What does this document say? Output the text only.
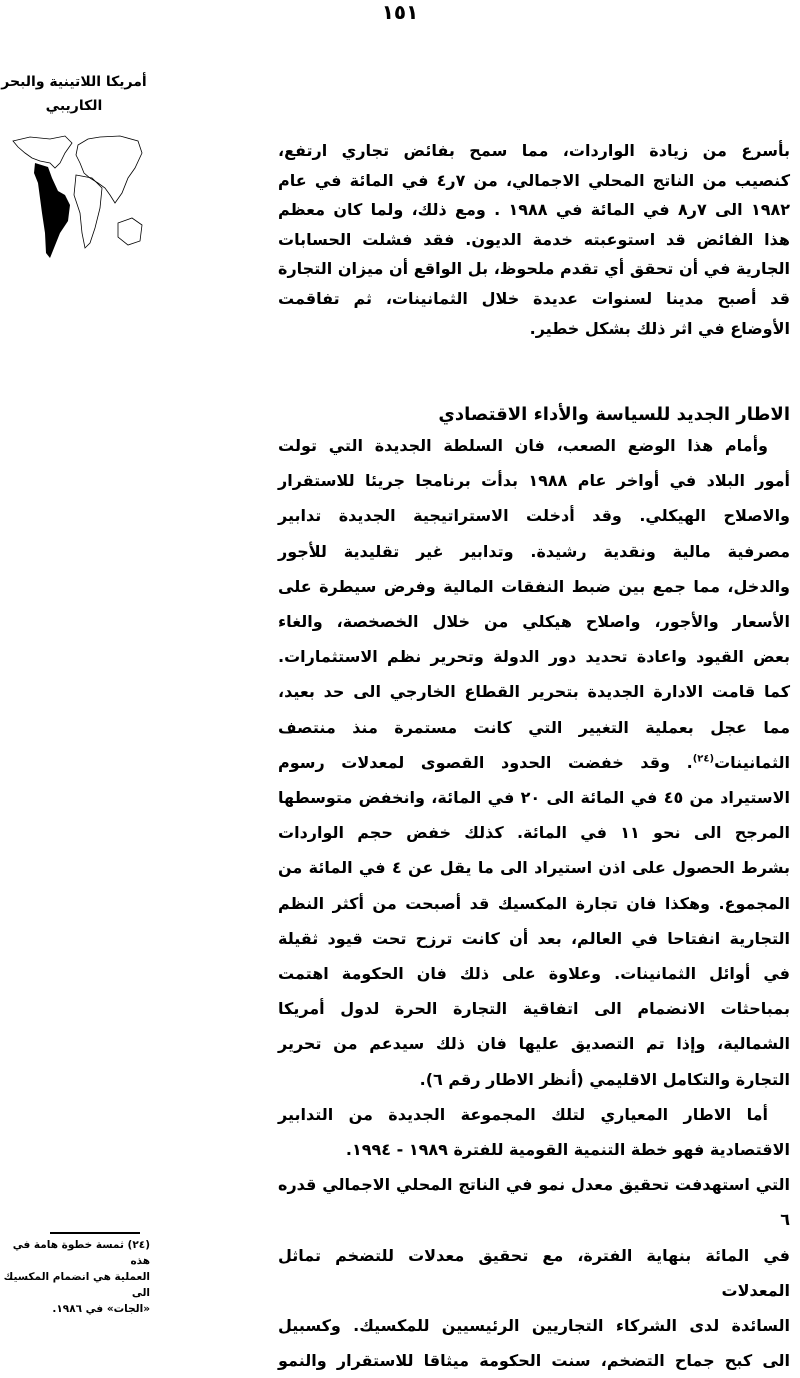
١٥١
أمريكا اللاتينية والبحر
الكاريبي
بأسرع من زيادة الواردات، مما سمح بفائض تجاري ارتفع،
كنصيب من الناتج المحلي الاجمالي، من ٧ر٤ في المائة في عام
١٩٨٢ الى ٧ر٨ في المائة في ١٩٨٨ . ومع ذلك، ولما كان معظم
هذا الفائض قد استوعبته خدمة الديون. فقد فشلت الحسابات
الجارية في أن تحقق أي تقدم ملحوظ، بل الواقع أن ميزان التجارة
قد أصبح مدينا لسنوات عديدة خلال الثمانينات، ثم تفاقمت
الأوضاع في اثر ذلك بشكل خطير.
الاطار الجديد للسياسة والأداء الاقتصادي
وأمام هذا الوضع الصعب، فان السلطة الجديدة التي تولت
أمور البلاد في أواخر عام ١٩٨٨ بدأت برنامجا جريئا للاستقرار
والاصلاح الهيكلي. وقد أدخلت الاستراتيجية الجديدة تدابير
مصرفية مالية ونقدية رشيدة. وتدابير غير تقليدية للأجور
والدخل، مما جمع بين ضبط النفقات المالية وفرض سيطرة على
الأسعار والأجور، واصلاح هيكلي من خلال الخصخصة، والغاء
بعض القيود واعادة تحديد دور الدولة وتحرير نظم الاستثمارات.
كما قامت الادارة الجديدة بتحرير القطاع الخارجي الى حد بعيد،
مما عجل بعملية التغيير التي كانت مستمرة منذ منتصف
الثمانينات$^{(٢٤)}$. وقد خفضت الحدود القصوى لمعدلات رسوم
الاستيراد من ٤٥ في المائة الى ٢٠ في المائة، وانخفض متوسطها
المرجح الى نحو ١١ في المائة. كذلك خفض حجم الواردات
بشرط الحصول على اذن استيراد الى ما يقل عن ٤ في المائة من
المجموع. وهكذا فان تجارة المكسيك قد أصبحت من أكثر النظم
التجارية انفتاحا في العالم، بعد أن كانت ترزح تحت قيود ثقيلة
في أوائل الثمانينات. وعلاوة على ذلك فان الحكومة اهتمت
بمباحثات الانضمام الى اتفاقية التجارة الحرة لدول أمريكا
الشمالية، وإذا تم التصديق عليها فان ذلك سيدعم من تحرير
التجارة والتكامل الاقليمي (أنظر الاطار رقم ٦).
أما الاطار المعياري لتلك المجموعة الجديدة من التدابير
الاقتصادية فهو خطة التنمية القومية للفترة ١٩٨٩ - ١٩٩٤.
التي استهدفت تحقيق معدل نمو في الناتج المحلي الاجمالي قدره ٦
في المائة بنهاية الفترة، مع تحقيق معدلات للتضخم تماثل المعدلات
السائدة لدى الشركاء التجاريين الرئيسيين للمكسيك. وكسبيل
الى كبح جماح التضخم، سنت الحكومة ميثاقا للاستقرار والنمو
(٢٤) ثمسة خطوة هامة في هذه
العملية هي انضمام المكسيك الى
«الجات» في ١٩٨٦.
